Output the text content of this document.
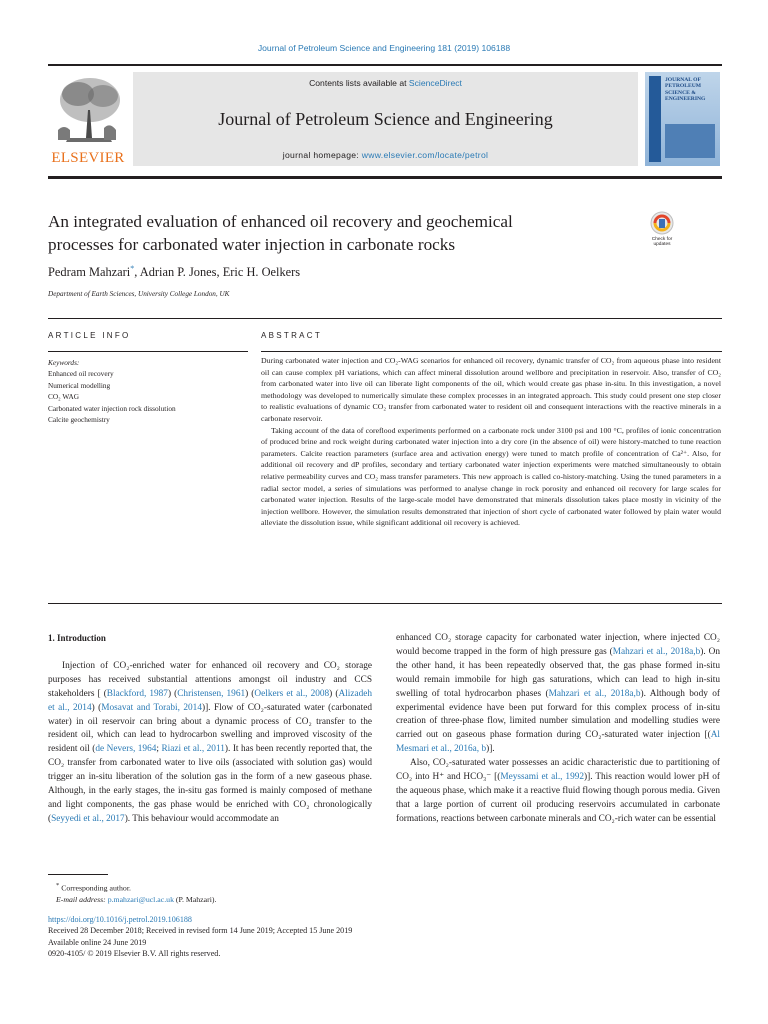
Journal of Petroleum Science and Engineering 181 (2019) 106188
ELSEVIER
Contents lists available at ScienceDirect
Journal of Petroleum Science and Engineering
journal homepage: www.elsevier.com/locate/petrol
JOURNAL OF PETROLEUM SCIENCE & ENGINEERING
An integrated evaluation of enhanced oil recovery and geochemical
processes for carbonated water injection in carbonate rocks	Check for updates
Pedram Mahzari*, Adrian P. Jones, Eric H. Oelkers
Department of Earth Sciences, University College London, UK
ARTICLE INFO	ABSTRACT
Keywords:
Enhanced oil recovery
Numerical modelling
CO₂ WAG
Carbonated water injection rock dissolution
Calcite geochemistry

During carbonated water injection and CO₂-WAG scenarios for enhanced oil recovery, dynamic transfer of CO₂ from aqueous phase into resident oil can cause complex pH variations, which can affect mineral dissolution around wellbore and precipitation in reservoir. Also, transfer of CO₂ from carbonated water into live oil can liberate light components of the oil, which would create gas phase in-situ. In this investigation, a novel methodology was developed to numerically simulate these complex processes in an integrated approach. This study could present one step closer to realistic evaluations of dynamic CO₂ transfer from carbonated water to resident oil and consequent interactions with the reactive minerals in a carbonate reservoir.

Taking account of the data of coreflood experiments performed on a carbonate rock under 3100 psi and 100 °C, profiles of ionic concentration of produced brine and rock weight during carbonated water injection into a dry core (in the absence of oil) were history-matched to tune reaction parameters. Calcite reaction parameters (surface area and activation energy) were tuned to match profile of concentration of Ca²⁺. Also, for additional oil recovery and dP profiles, secondary and tertiary carbonated water injection experiments were matched simultaneously to obtain relative permeability curves and CO₂ mass transfer parameters. This new approach is called co-history-matching. Using the tuned parameters in a radial sector model, a series of simulations was performed to analyse change in rock porosity and enhanced oil recovery for large scales for carbonated water injection. Results of the large-scale model have demonstrated that minerals dissolution takes place mostly in vicinity of the injection wellbore. However, the simulation results demonstrated that injection of short cycle of carbonated water followed by plain water would alleviate the dissolution issue, while significant additional oil recovery is achieved.

1. Introduction

Injection of CO₂-enriched water for enhanced oil recovery and CO₂ storage purposes has received substantial attentions amongst oil industry and CCS stakeholders [ (Blackford, 1987) (Christensen, 1961) (Oelkers et al., 2008) (Alizadeh et al., 2014) (Mosavat and Torabi, 2014)]. Flow of CO₂-saturated water (carbonated water) in oil reservoir can bring about a dynamic process of CO₂ transfer to the resident oil, which can lead to hydrocarbon swelling and improved viscosity of the resident oil (de Nevers, 1964; Riazi et al., 2011). It has been recently reported that, the CO₂ transfer from carbonated water to live oils (associated with solution gas) would trigger an in-situ liberation of the solution gas in the form of a new gaseous phase. Although, in the early stages, the in-situ gas formed is mainly composed of methane and light components, the gas phase would be enriched with CO₂ chronologically (Seyyedi et al., 2017). This behaviour would accommodate an

enhanced CO₂ storage capacity for carbonated water injection, where injected CO₂ would become trapped in the form of high pressure gas (Mahzari et al., 2018a,b). On the other hand, it has been repeatedly observed that, the gas phase formed in-situ would remain immobile for high gas saturations, which can lead to high in-situ swelling of total hydrocarbon phases (Mahzari et al., 2018a,b). Although body of experimental evidence have been put forward for this complex process of in-situ creation of three-phase flow, limited number simulation and modelling studies were carried out on gaseous phase formation during CO₂-saturated water injection [(Al Mesmari et al., 2016a, b)].

Also, CO₂-saturated water possesses an acidic characteristic due to partitioning of CO₂ into H⁺ and HCO₃⁻ [(Meyssami et al., 1992)]. This reaction would lower pH of the aqueous phase, which make it a reactive fluid flowing though porous media. Given that a large portion of current oil producing reservoirs accumulated in carbonate formations, reactions between carbonate minerals and CO₂-rich water can be essential

* Corresponding author.
E-mail address: p.mahzari@ucl.ac.uk (P. Mahzari).
https://doi.org/10.1016/j.petrol.2019.106188
Received 28 December 2018; Received in revised form 14 June 2019; Accepted 15 June 2019
Available online 24 June 2019
0920-4105/ © 2019 Elsevier B.V. All rights reserved.
